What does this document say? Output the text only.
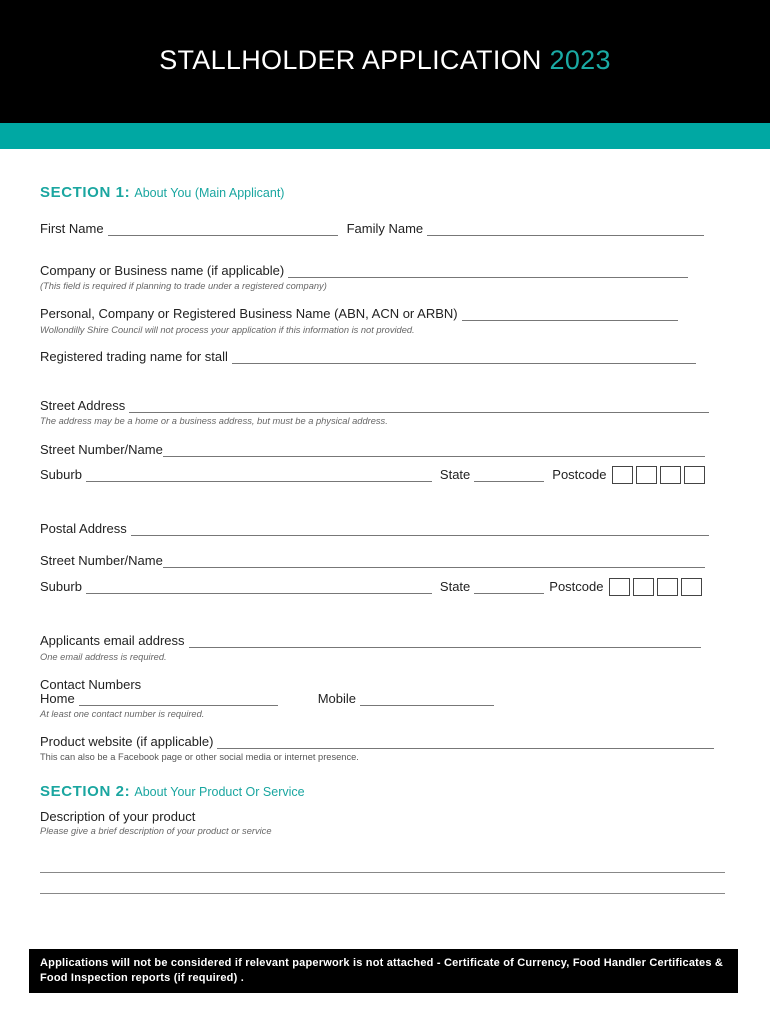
STALLHOLDER APPLICATION 2023
SECTION 1: About You (Main Applicant)
First Name	Family Name
Company or Business name (if applicable)
(This field is required if planning to trade under a registered company)
Personal, Company or Registered Business Name (ABN, ACN or ARBN)
Wollondilly Shire Council will not process your application if this information is not provided.
Registered trading name for stall
Street Address
The address may be a home or a business address, but must be a physical address.
Street Number/Name
Suburb	State	Postcode
Postal Address
Street Number/Name
Suburb	State	Postcode
Applicants email address
One email address is required.
Contact Numbers
Home	Mobile
At least one contact number is required.
Product website (if applicable)
This can also be a Facebook page or other social media or internet presence.
SECTION 2: About Your Product Or Service
Description of your product
Please give a brief description of your product or service

Applications will not be considered if relevant paperwork is not attached - Certificate of Currency, Food Handler Certificates & Food Inspection reports (if required) .
